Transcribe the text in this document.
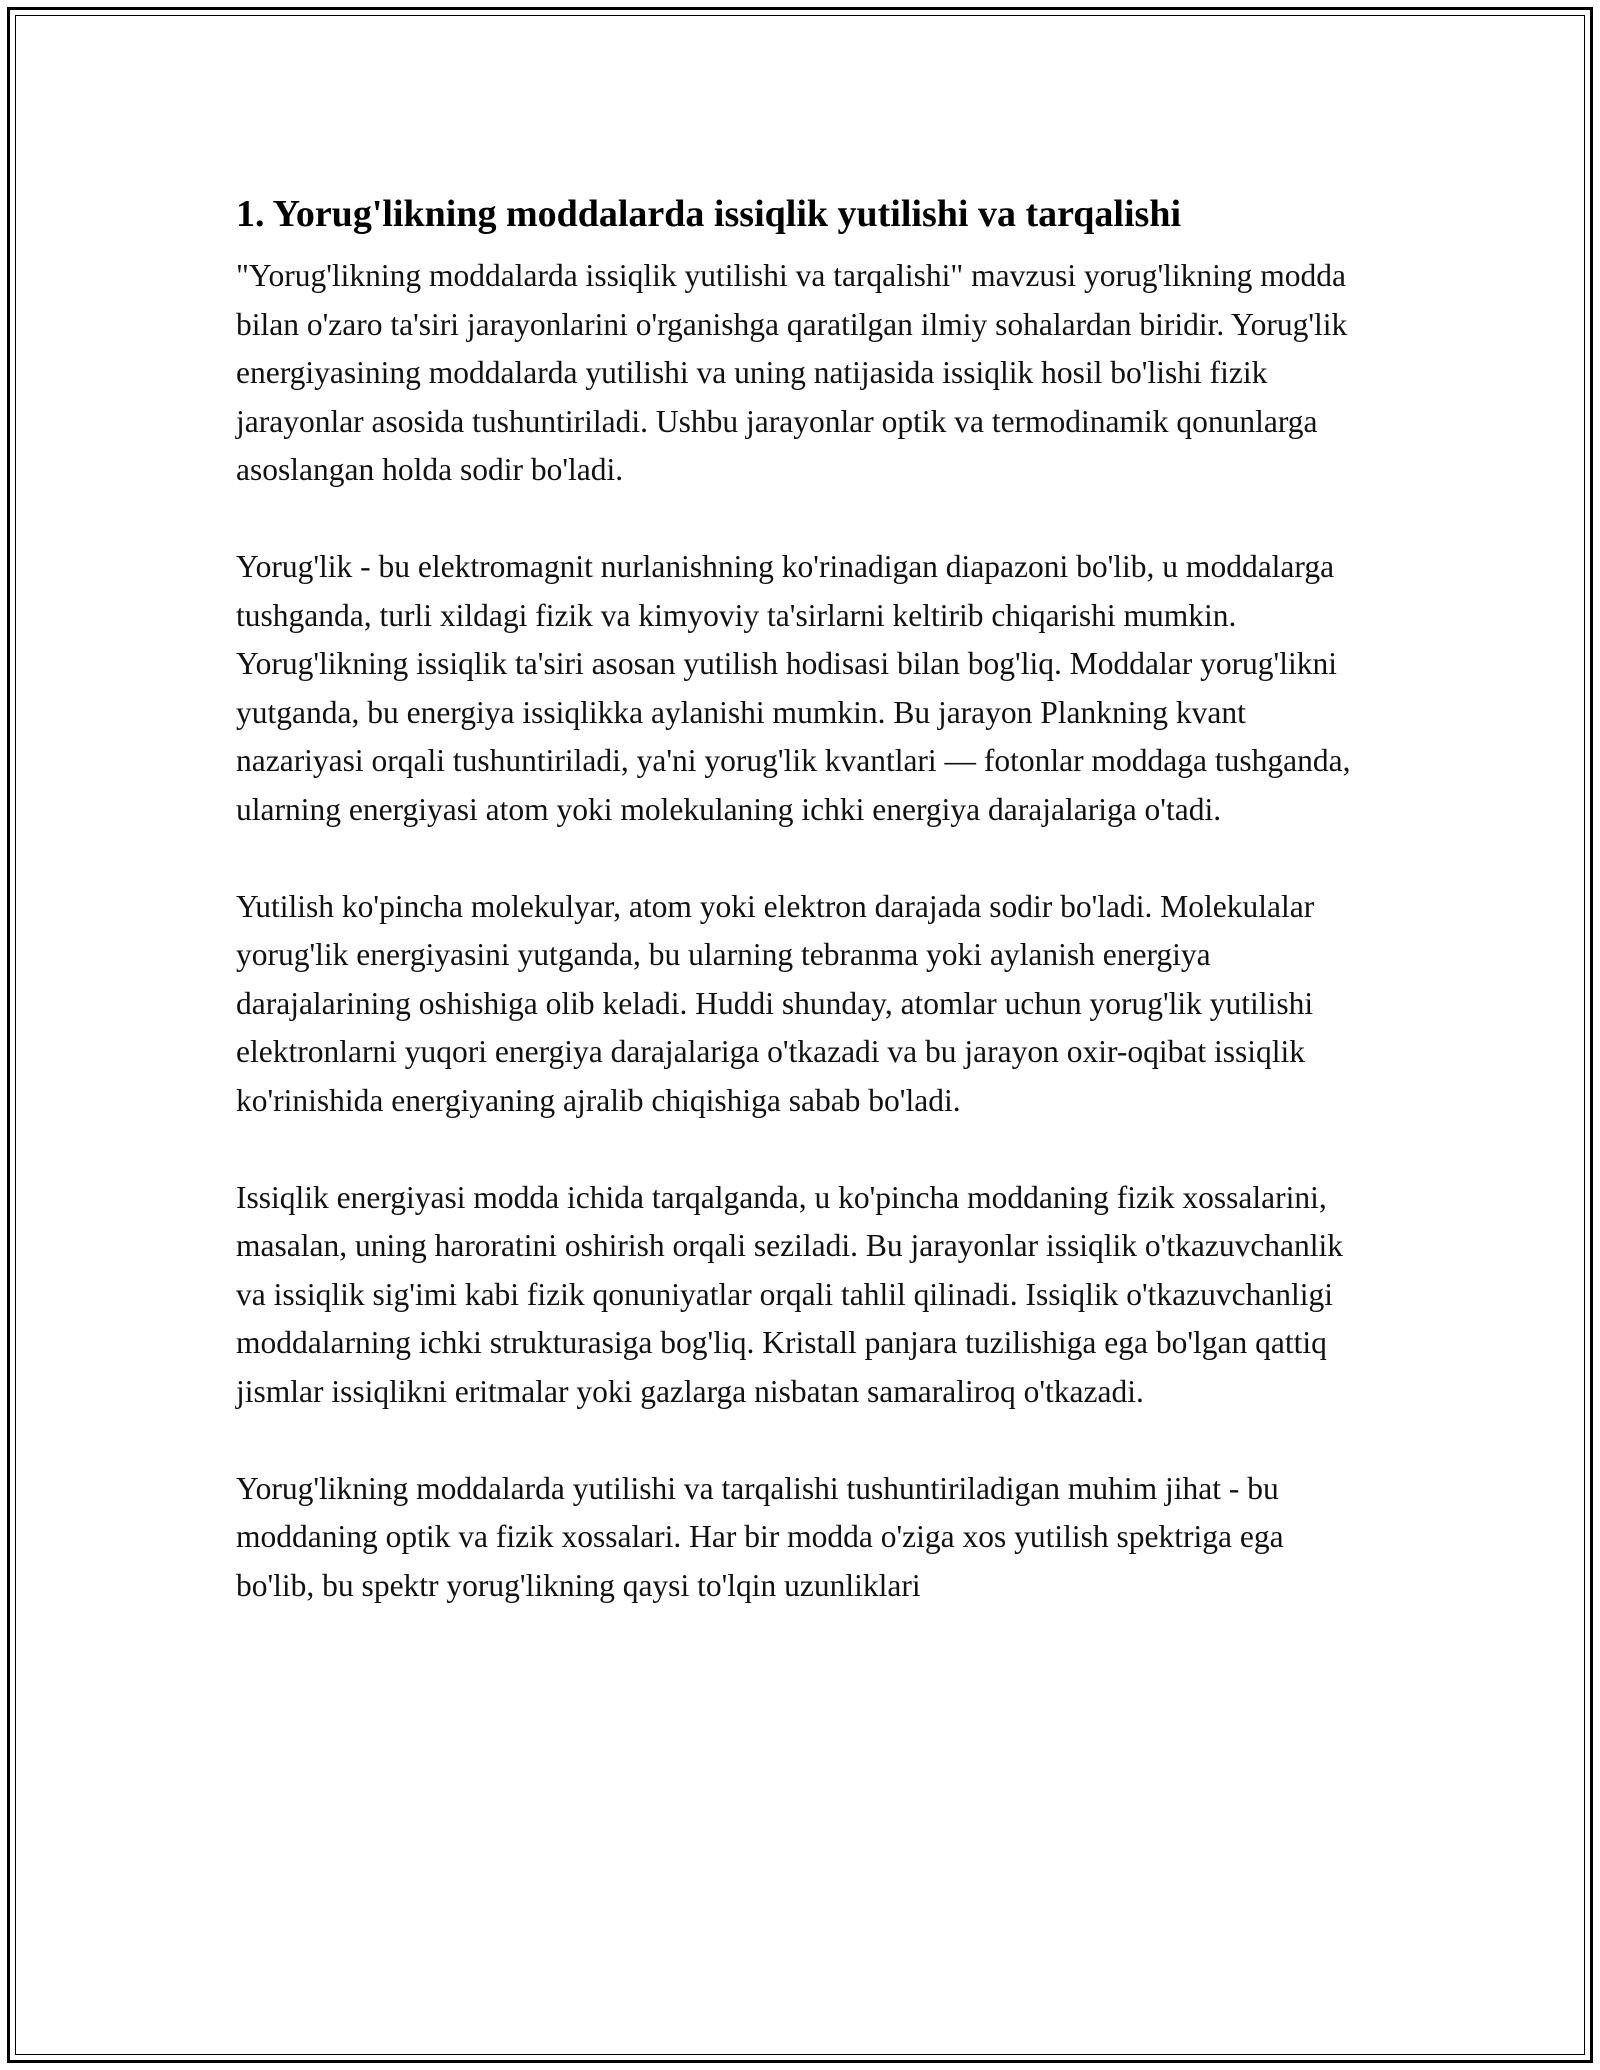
1. Yorug'likning moddalarda issiqlik yutilishi va tarqalishi

"Yorug'likning moddalarda issiqlik yutilishi va tarqalishi" mavzusi yorug'likning modda bilan o'zaro ta'siri jarayonlarini o'rganishga qaratilgan ilmiy sohalardan biridir. Yorug'lik energiyasining moddalarda yutilishi va uning natijasida issiqlik hosil bo'lishi fizik jarayonlar asosida tushuntiriladi. Ushbu jarayonlar optik va termodinamik qonunlarga asoslangan holda sodir bo'ladi.

Yorug'lik - bu elektromagnit nurlanishning ko'rinadigan diapazoni bo'lib, u moddalarga tushganda, turli xildagi fizik va kimyoviy ta'sirlarni keltirib chiqarishi mumkin. Yorug'likning issiqlik ta'siri asosan yutilish hodisasi bilan bog'liq. Moddalar yorug'likni yutganda, bu energiya issiqlikka aylanishi mumkin. Bu jarayon Plankning kvant nazariyasi orqali tushuntiriladi, ya'ni yorug'lik kvantlari — fotonlar moddaga tushganda, ularning energiyasi atom yoki molekulaning ichki energiya darajalariga o'tadi.

Yutilish ko'pincha molekulyar, atom yoki elektron darajada sodir bo'ladi. Molekulalar yorug'lik energiyasini yutganda, bu ularning tebranma yoki aylanish energiya darajalarining oshishiga olib keladi. Huddi shunday, atomlar uchun yorug'lik yutilishi elektronlarni yuqori energiya darajalariga o'tkazadi va bu jarayon oxir-oqibat issiqlik ko'rinishida energiyaning ajralib chiqishiga sabab bo'ladi.

Issiqlik energiyasi modda ichida tarqalganda, u ko'pincha moddaning fizik xossalarini, masalan, uning haroratini oshirish orqali seziladi. Bu jarayonlar issiqlik o'tkazuvchanlik va issiqlik sig'imi kabi fizik qonuniyatlar orqali tahlil qilinadi. Issiqlik o'tkazuvchanligi moddalarning ichki strukturasiga bog'liq. Kristall panjara tuzilishiga ega bo'lgan qattiq jismlar issiqlikni eritmalar yoki gazlarga nisbatan samaraliroq o'tkazadi.

Yorug'likning moddalarda yutilishi va tarqalishi tushuntiriladigan muhim jihat - bu moddaning optik va fizik xossalari. Har bir modda o'ziga xos yutilish spektriga ega bo'lib, bu spektr yorug'likning qaysi to'lqin uzunliklari
